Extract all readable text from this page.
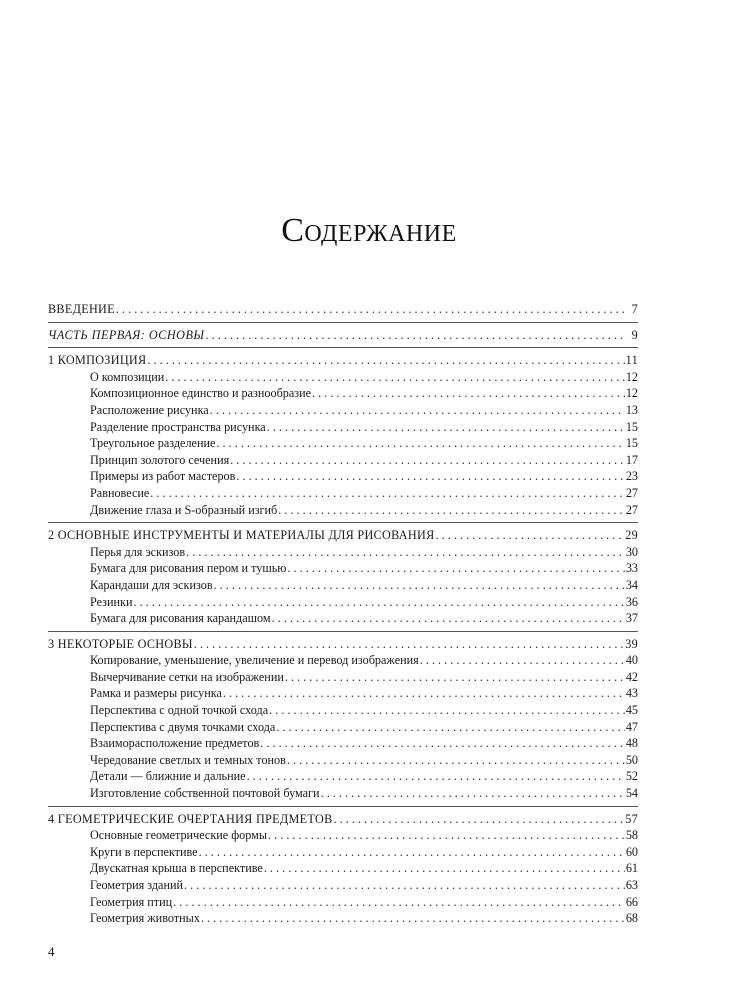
Содержание
ВВЕДЕНИЕ . . .	7
ЧАСТЬ ПЕРВАЯ: ОСНОВЫ . . .	9
1 КОМПОЗИЦИЯ . . .	11
О композиции . . .	12
Композиционное единство и разнообразие . . .	12
Расположение рисунка . . .	13
Разделение пространства рисунка . . .	15
Треугольное разделение . . .	15
Принцип золотого сечения . . .	17
Примеры из работ мастеров . . .	23
Равновесие . . .	27
Движение глаза и S-образный изгиб . . .	27
2 ОСНОВНЫЕ ИНСТРУМЕНТЫ И МАТЕРИАЛЫ ДЛЯ РИСОВАНИЯ . . .	29
Перья для эскизов . . .	30
Бумага для рисования пером и тушью . . .	33
Карандаши для эскизов . . .	34
Резинки . . .	36
Бумага для рисования карандашом . . .	37
3 НЕКОТОРЫЕ ОСНОВЫ . . .	39
Копирование, уменьшение, увеличение и перевод изображения . . .	40
Вычерчивание сетки на изображении . . .	42
Рамка и размеры рисунка . . .	43
Перспектива с одной точкой схода . . .	45
Перспектива с двумя точками схода . . .	47
Взаиморасположение предметов . . .	48
Чередование светлых и темных тонов . . .	50
Детали — ближние и дальние . . .	52
Изготовление собственной почтовой бумаги . . .	54
4 ГЕОМЕТРИЧЕСКИЕ ОЧЕРТАНИЯ ПРЕДМЕТОВ . . .	57
Основные геометрические формы . . .	58
Круги в перспективе . . .	60
Двускатная крыша в перспективе . . .	61
Геометрия зданий . . .	63
Геометрия птиц . . .	66
Геометрия животных . . .	68
4
